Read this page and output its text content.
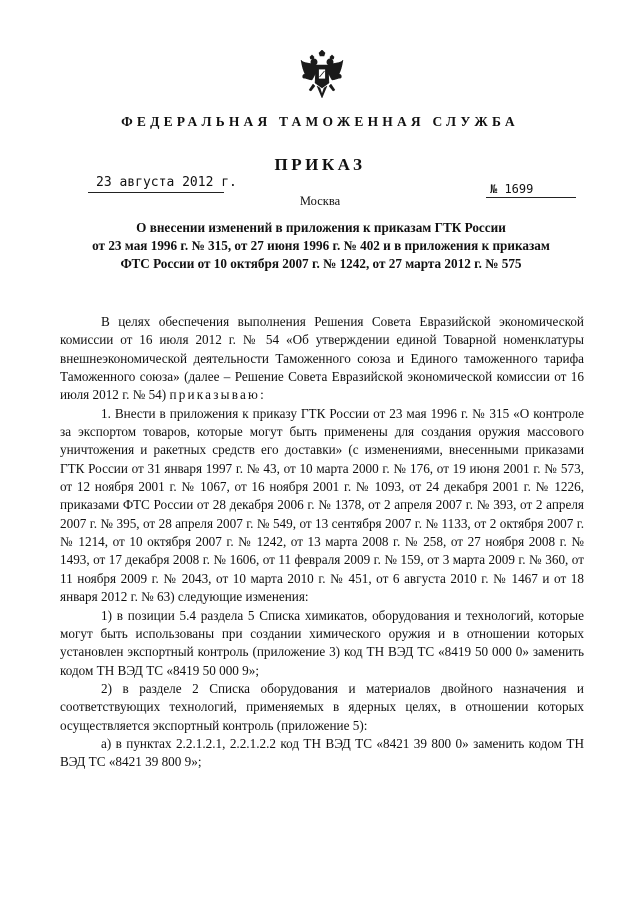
ФЕДЕРАЛЬНАЯ ТАМОЖЕННАЯ СЛУЖБА
ПРИКАЗ
23 августа 2012 г.	№ 1699
Москва
О внесении изменений в приложения к приказам ГТК России
от 23 мая 1996 г. № 315, от 27 июня 1996 г. № 402 и в приложения к приказам
ФТС России от 10 октября 2007 г. № 1242, от 27 марта 2012 г. № 575

В целях обеспечения выполнения Решения Совета Евразийской экономической комиссии от 16 июля 2012 г. № 54 «Об утверждении единой Товарной номенклатуры внешнеэкономической деятельности Таможенного союза и Единого таможенного тарифа Таможенного союза» (далее – Решение Совета Евразийской экономической комиссии от 16 июля 2012 г. № 54) приказываю:

1. Внести в приложения к приказу ГТК России от 23 мая 1996 г. № 315 «О контроле за экспортом товаров, которые могут быть применены для создания оружия массового уничтожения и ракетных средств его доставки» (с изменениями, внесенными приказами ГТК России от 31 января 1997 г. № 43, от 10 марта 2000 г. № 176, от 19 июня 2001 г. № 573, от 12 ноября 2001 г. № 1067, от 16 ноября 2001 г. № 1093, от 24 декабря 2001 г. № 1226, приказами ФТС России от 28 декабря 2006 г. № 1378, от 2 апреля 2007 г. № 393, от 2 апреля 2007 г. № 395, от 28 апреля 2007 г. № 549, от 13 сентября 2007 г. № 1133, от 2 октября 2007 г. № 1214, от 10 октября 2007 г. № 1242, от 13 марта 2008 г. № 258, от 27 ноября 2008 г. № 1493, от 17 декабря 2008 г. № 1606, от 11 февраля 2009 г. № 159, от 3 марта 2009 г. № 360, от 11 ноября 2009 г. № 2043, от 10 марта 2010 г. № 451, от 6 августа 2010 г. № 1467 и от 18 января 2012 г. № 63) следующие изменения:

1) в позиции 5.4 раздела 5 Списка химикатов, оборудования и технологий, которые могут быть использованы при создании химического оружия и в отношении которых установлен экспортный контроль (приложение 3) код ТН ВЭД ТС «8419 50 000 0» заменить кодом ТН ВЭД ТС «8419 50 000 9»;

2) в разделе 2 Списка оборудования и материалов двойного назначения и соответствующих технологий, применяемых в ядерных целях, в отношении которых осуществляется экспортный контроль (приложение 5):

а) в пунктах 2.2.1.2.1, 2.2.1.2.2 код ТН ВЭД ТС «8421 39 800 0» заменить кодом ТН ВЭД ТС «8421 39 800 9»;
